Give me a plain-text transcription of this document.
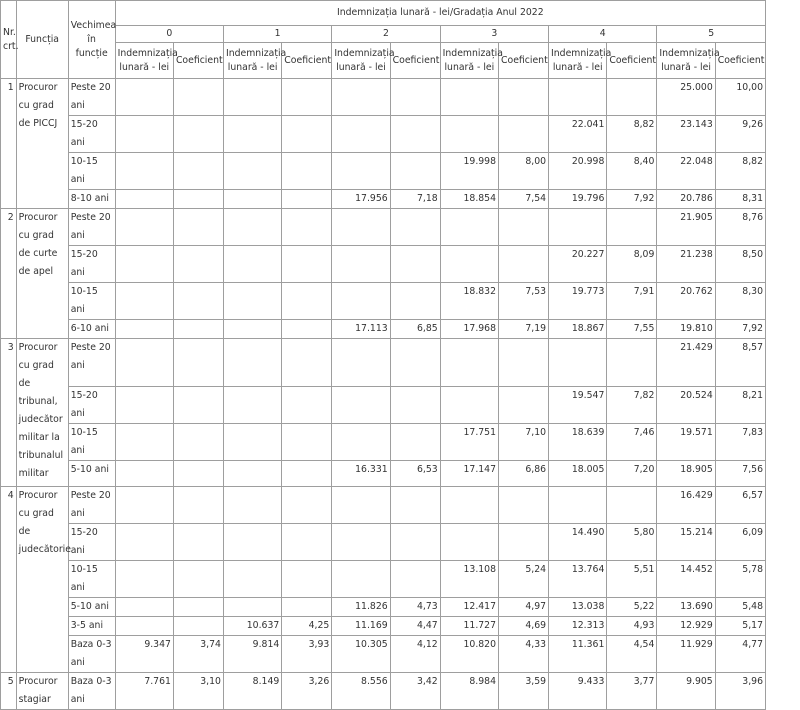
Nr. crt.	Funcția	Vechimea în funcție	Indemnizația lunară - lei/Gradația Anul 2022											
			0		1		2		3		4		5	
			Indemnizația lunară - lei	Coeficient	Indemnizația lunară - lei	Coeficient	Indemnizația lunară - lei	Coeficient	Indemnizația lunară - lei	Coeficient	Indemnizația lunară - lei	Coeficient	Indemnizația lunară - lei	Coeficient
1	Procuror cu grad de PICCJ	Peste 20 ani											25.000	10,00
		15-20 ani									22.041	8,82	23.143	9,26
		10-15 ani							19.998	8,00	20.998	8,40	22.048	8,82
		8-10 ani					17.956	7,18	18.854	7,54	19.796	7,92	20.786	8,31
2	Procuror cu grad de curte de apel	Peste 20 ani											21.905	8,76
		15-20 ani									20.227	8,09	21.238	8,50
		10-15 ani							18.832	7,53	19.773	7,91	20.762	8,30
		6-10 ani					17.113	6,85	17.968	7,19	18.867	7,55	19.810	7,92
3	Procuror cu grad de tribunal, judecător militar la tribunalul militar	Peste 20 ani											21.429	8,57
		15-20 ani									19.547	7,82	20.524	8,21
		10-15 ani							17.751	7,10	18.639	7,46	19.571	7,83
		5-10 ani					16.331	6,53	17.147	6,86	18.005	7,20	18.905	7,56
4	Procuror cu grad de judecătorie	Peste 20 ani											16.429	6,57
		15-20 ani									14.490	5,80	15.214	6,09
		10-15 ani							13.108	5,24	13.764	5,51	14.452	5,78
		5-10 ani					11.826	4,73	12.417	4,97	13.038	5,22	13.690	5,48
		3-5 ani			10.637	4,25	11.169	4,47	11.727	4,69	12.313	4,93	12.929	5,17
		Baza 0-3 ani	9.347	3,74	9.814	3,93	10.305	4,12	10.820	4,33	11.361	4,54	11.929	4,77
5	Procuror stagiar	Baza 0-3 ani	7.761	3,10	8.149	3,26	8.556	3,42	8.984	3,59	9.433	3,77	9.905	3,96
